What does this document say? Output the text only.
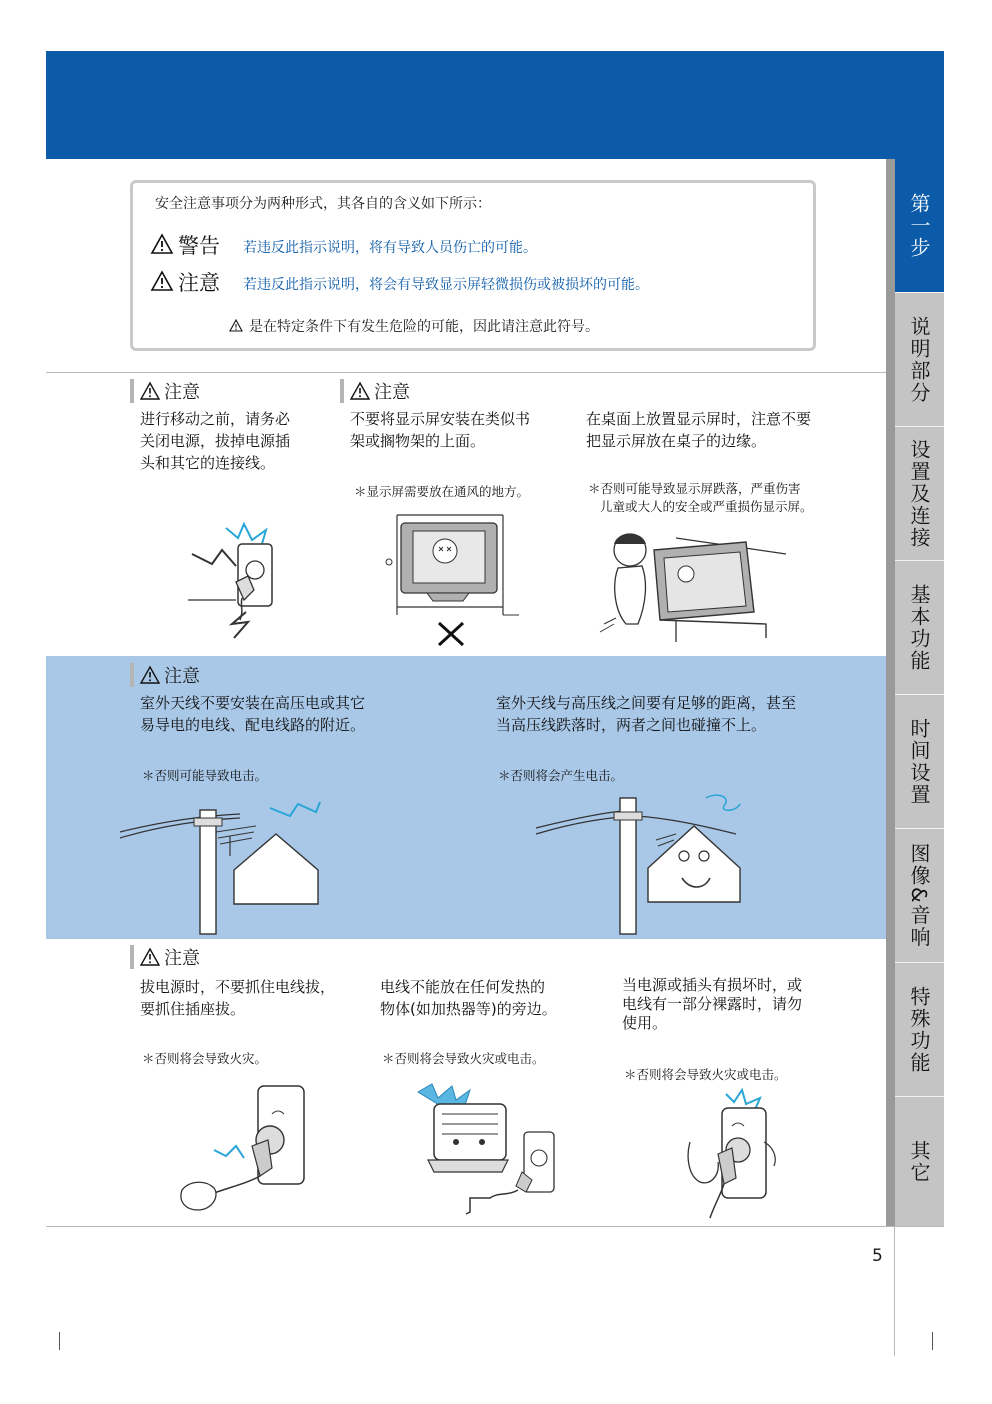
第一步
说明部分
设置及连接
基本功能
时间设置
图像&音响
特殊功能
其它
安全注意事项分为两种形式，其各自的含义如下所示：
警告 若违反此指示说明，将有导致人员伤亡的可能。
注意 若违反此指示说明，将会有导致显示屏轻微损伤或被损坏的可能。
是在特定条件下有发生危险的可能，因此请注意此符号。
注意	注意
进行移动之前，请务必
关闭电源，拔掉电源插
头和其它的连接线。
不要将显示屏安装在类似书
架或搁物架的上面。
＊显示屏需要放在通风的地方。
在桌面上放置显示屏时，注意不要
把显示屏放在桌子的边缘。
＊否则可能导致显示屏跌落，严重伤害
儿童或大人的安全或严重损伤显示屏。
注意
室外天线不要安装在高压电或其它
易导电的电线、配电线路的附近。
＊否则可能导致电击。
室外天线与高压线之间要有足够的距离，甚至
当高压线跌落时，两者之间也碰撞不上。
＊否则将会产生电击。
注意
拔电源时，不要抓住电线拔，
要抓住插座拔。
＊否则将会导致火灾。
电线不能放在任何发热的
物体(如加热器等)的旁边。
＊否则将会导致火灾或电击。
当电源或插头有损坏时，或
电线有一部分裸露时，请勿
使用。
＊否则将会导致火灾或电击。
5
